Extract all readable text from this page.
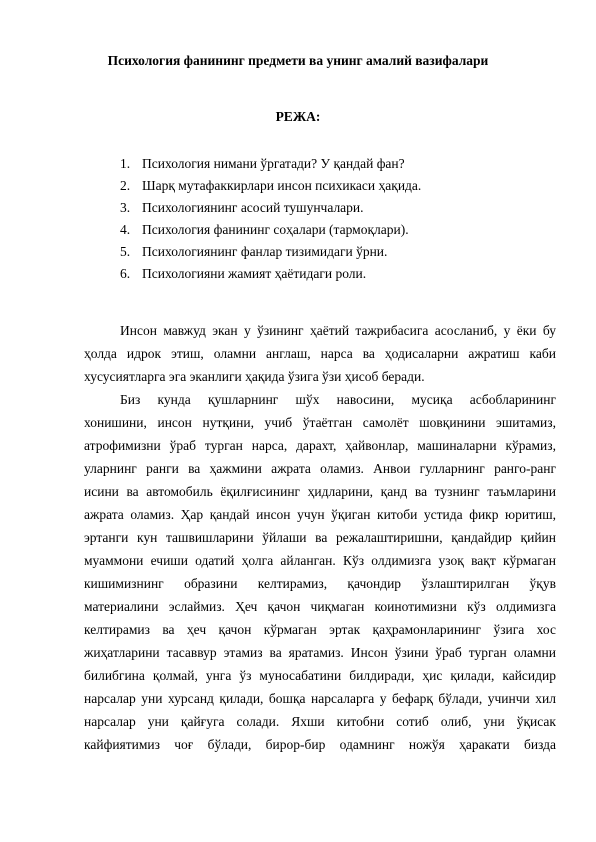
Психология фанининг предмети ва унинг амалий вазифалари
РЕЖА:
1. Психология нимани ўргатади? У қандай фан?
2. Шарқ мутафаккирлари инсон психикаси ҳақида.
3. Психологиянинг асосий тушунчалари.
4. Психология фанининг соҳалари (тармоқлари).
5. Психологиянинг фанлар тизимидаги ўрни.
6. Психологияни жамият ҳаётидаги роли.
Инсон мавжуд экан у ўзининг ҳаётий тажрибасига асосланиб, у ёки бу
ҳолда идрок этиш, оламни англаш, нарса ва ҳодисаларни ажратиш каби
хусусиятларга эга эканлиги ҳақида ўзига ўзи ҳисоб беради.
Биз кунда қушларнинг шўх навосини, мусиқа асбобларининг
хонишини, инсон нутқини, учиб ўтаётган самолёт шовқинини эшитамиз,
атрофимизни ўраб турган нарса, дарахт, ҳайвонлар, машиналарни кўрамиз,
уларнинг ранги ва ҳажмини ажрата оламиз. Анвои гулларнинг ранго-ранг
исини ва автомобиль ёқилғисининг ҳидларини, қанд ва тузнинг таъмларини
ажрата оламиз. Ҳар қандай инсон учун ўқиган китоби устида фикр юритиш,
эртанги кун ташвишларини ўйлаши ва режалаштиришни, қандайдир қийин
муаммони ечиши одатий ҳолга айланган. Кўз олдимизга узоқ вақт кўрмаган
кишимизнинг образини келтирамиз, қачондир ўзлаштирилган ўқув
материалини эслаймиз. Ҳеч қачон чиқмаган коинотимизни кўз олдимизга
келтирамиз ва ҳеч қачон кўрмаган эртак қаҳрамонларининг ўзига хос
жиҳатларини тасаввур этамиз ва яратамиз. Инсон ўзини ўраб турган оламни
билибгина қолмай, унга ўз муносабатини билдиради, ҳис қилади, кайсидир
нарсалар уни хурсанд қилади, бошқа нарсаларга у бефарқ бўлади, учинчи хил
нарсалар уни қайғуга солади. Яхши китобни сотиб олиб, уни ўқисак
кайфиятимиз чоғ бўлади, бирор-бир одамнинг ножўя ҳаракати бизда
